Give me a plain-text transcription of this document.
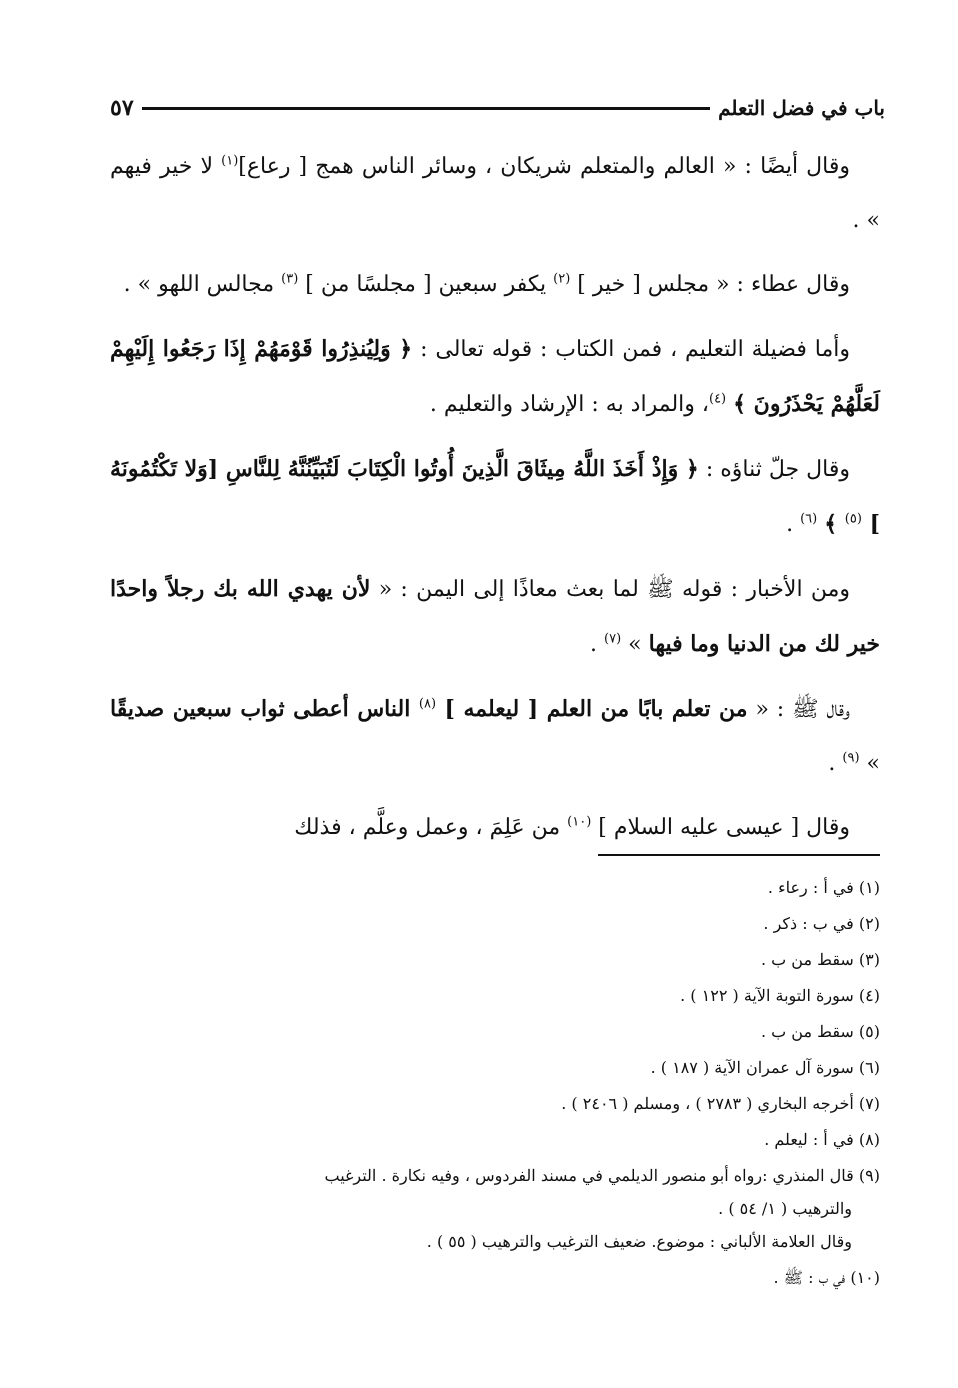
باب في فضل التعلم
٥٧

وقال أيضًا : « العالم والمتعلم شريكان ، وسائر الناس همج [ رعاع]$^{(١)}$ لا خير فيهم » .

وقال عطاء : « مجلس [ خير ] $^{(٢)}$ يكفر سبعين [ مجلسًا من ] $^{(٣)}$ مجالس اللهو » .

وأما فضيلة التعليم ، فمن الكتاب : قوله تعالى : ﴿ وَلِيُنذِرُوا قَوْمَهُمْ إِذَا رَجَعُوا إِلَيْهِمْ لَعَلَّهُمْ يَحْذَرُونَ ﴾ $^{(٤)}$، والمراد به : الإرشاد والتعليم .

وقال جلّ ثناؤه : ﴿ وَإِذْ أَخَذَ اللَّهُ مِيثَاقَ الَّذِينَ أُوتُوا الْكِتَابَ لَتُبَيِّنُنَّهُ لِلنَّاسِ [وَلا تَكْتُمُونَهُ ] $^{(٥)}$ ﴾ $^{(٦)}$ .

ومن الأخبار : قوله ﷺ لما بعث معاذًا إلى اليمن : « لأن يهدي الله بك رجلاً واحدًا خير لك من الدنيا وما فيها » $^{(٧)}$ .

وقال ﷺ : « من تعلم بابًا من العلم [ ليعلمه ] $^{(٨)}$ الناس أعطى ثواب سبعين صديقًا » $^{(٩)}$ .

وقال [ عيسى عليه السلام ] $^{(١٠)}$ من عَلِمَ ، وعمل وعلَّم ، فذلك

(١) في أ : رعاء .

(٢) في ب : ذكر .

(٣) سقط من ب .

(٤) سورة التوبة الآية ( ١٢٢ ) .

(٥) سقط من ب .

(٦) سورة آل عمران الآية ( ١٨٧ ) .

(٧) أخرجه البخاري ( ٢٧٨٣ ) ، ومسلم ( ٢٤٠٦ ) .

(٨) في أ : ليعلم .

(٩) قال المنذري :رواه أبو منصور الديلمي في مسند الفردوس ، وفيه نكارة . الترغيب

والترهيب ( ١/ ٥٤ ) .

وقال العلامة الألباني : موضوع. ضعيف الترغيب والترهيب ( ٥٥ ) .

(١٠) في ب : ﷺ .
